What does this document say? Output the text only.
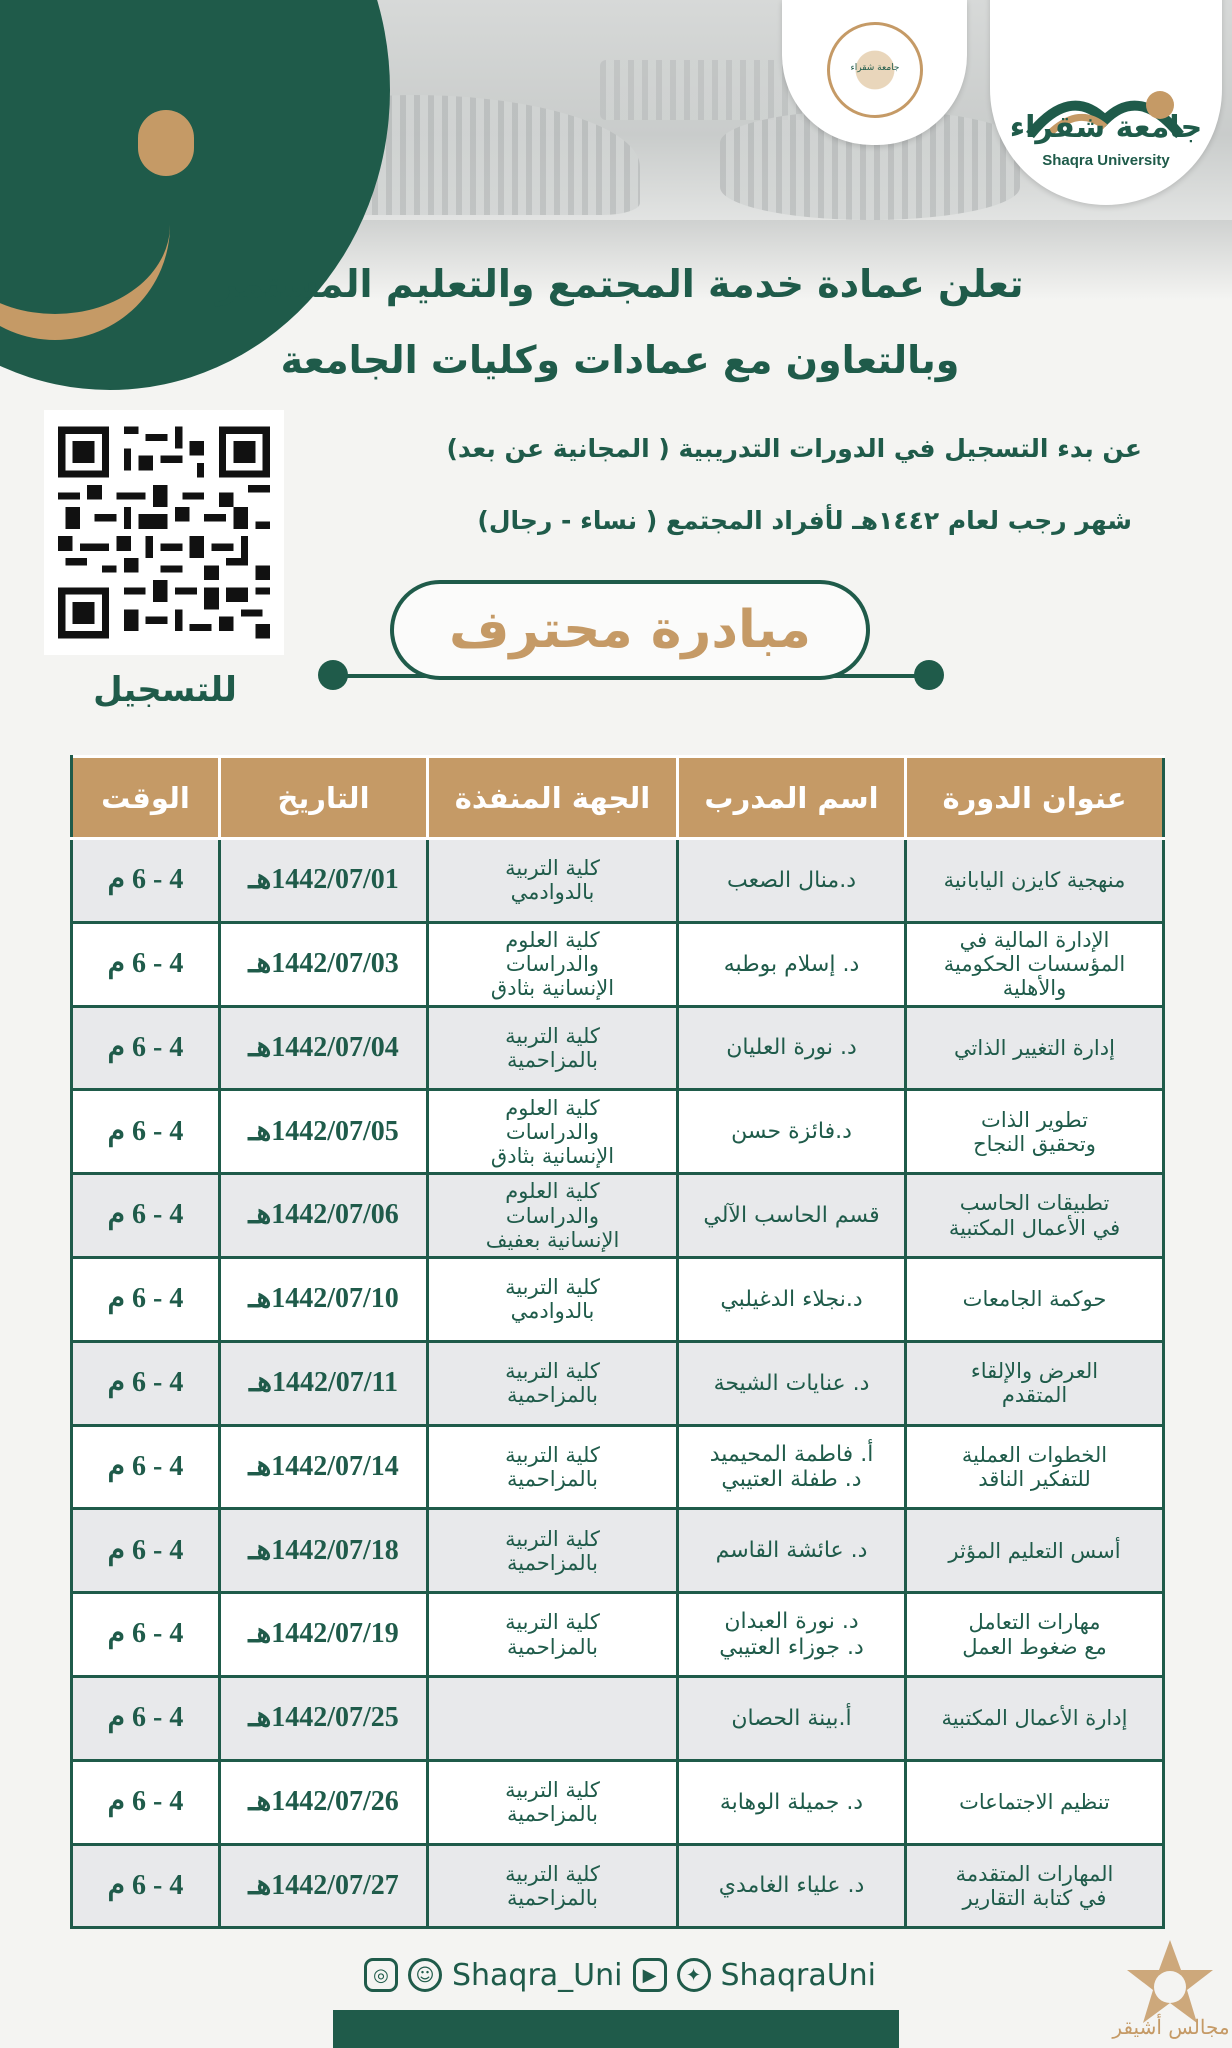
جامعة شقراء
جامعة شقراء
Shaqra University
تعلن عمادة خدمة المجتمع والتعليم المستمر
وبالتعاون مع عمادات وكليات الجامعة
عن بدء التسجيل في الدورات التدريبية ( المجانية عن بعد)
شهر رجب لعام ١٤٤٢هـ لأفراد المجتمع ( نساء - رجال)
للتسجيل
مبادرة محترف
عنوان الدورة	اسم المدرب	الجهة المنفذة	التاريخ	الوقت

منهجية كايزن اليابانية	د.منال الصعب	كلية التربية
بالدوادمي	1442/07/01هـ	4 - 6 م

الإدارة المالية في
المؤسسات الحكومية
والأهلية	د. إسلام بوطبه	كلية العلوم
والدراسات
الإنسانية بثادق	1442/07/03هـ	4 - 6 م

إدارة التغيير الذاتي	د. نورة العليان	كلية التربية
بالمزاحمية	1442/07/04هـ	4 - 6 م

تطوير الذات
وتحقيق النجاح	د.فائزة حسن	كلية العلوم
والدراسات
الإنسانية بثادق	1442/07/05هـ	4 - 6 م

تطبيقات الحاسب
في الأعمال المكتبية	قسم الحاسب الآلي	كلية العلوم
والدراسات
الإنسانية بعفيف	1442/07/06هـ	4 - 6 م

حوكمة الجامعات	د.نجلاء الدغيلبي	كلية التربية
بالدوادمي	1442/07/10هـ	4 - 6 م

العرض والإلقاء
المتقدم	د. عنايات الشيحة	كلية التربية
بالمزاحمية	1442/07/11هـ	4 - 6 م

الخطوات العملية
للتفكير الناقد	أ. فاطمة المحيميد
د. طفلة العتيبي	كلية التربية
بالمزاحمية	1442/07/14هـ	4 - 6 م

أسس التعليم المؤثر	د. عائشة القاسم	كلية التربية
بالمزاحمية	1442/07/18هـ	4 - 6 م

مهارات التعامل
مع ضغوط العمل	د. نورة العبدان
د. جوزاء العتيبي	كلية التربية
بالمزاحمية	1442/07/19هـ	4 - 6 م

إدارة الأعمال المكتبية	أ.بينة الحصان		1442/07/25هـ	4 - 6 م

تنظيم الاجتماعات	د. جميلة الوهابة	كلية التربية
بالمزاحمية	1442/07/26هـ	4 - 6 م

المهارات المتقدمة
في كتابة التقارير	د. علياء الغامدي	كلية التربية
بالمزاحمية	1442/07/27هـ	4 - 6 م
◎	☺ Shaqra_Uni	▶	✦ ShaqraUni
مجالس أشيقر
